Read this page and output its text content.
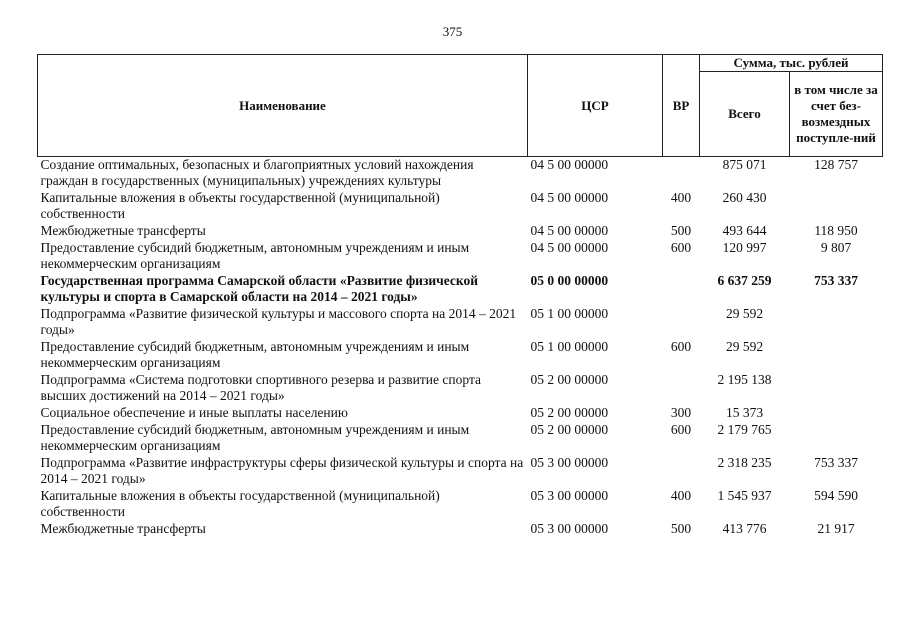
375
Наименование	ЦСР	ВР	Сумма, тыс. рублей	
			Всего	в том числе за счет без-возмездных поступле-ний
Создание оптимальных, безопасных и благоприятных условий нахождения граждан в государственных (муниципальных) учреждениях культуры	04 5 00 00000		875 071	128 757
Капитальные вложения в объекты государственной (муниципальной) собственности	04 5 00 00000	400	260 430	
Межбюджетные трансферты	04 5 00 00000	500	493 644	118 950
Предоставление субсидий бюджетным, автономным учреждениям и иным некоммерческим организациям	04 5 00 00000	600	120 997	9 807
Государственная программа Самарской области «Развитие физической культуры и спорта в Самарской области на 2014 – 2021 годы»	05 0 00 00000		6 637 259	753 337
Подпрограмма «Развитие физической культуры и массового спорта на 2014 – 2021 годы»	05 1 00 00000		29 592	
Предоставление субсидий бюджетным, автономным учреждениям и иным некоммерческим организациям	05 1 00 00000	600	29 592	
Подпрограмма «Система подготовки спортивного резерва и развитие спорта высших достижений на 2014 – 2021 годы»	05 2 00 00000		2 195 138	
Социальное обеспечение и иные выплаты населению	05 2 00 00000	300	15 373	
Предоставление субсидий бюджетным, автономным учреждениям и иным некоммерческим организациям	05 2 00 00000	600	2 179 765	
Подпрограмма «Развитие инфраструктуры сферы физической культуры и спорта на 2014 – 2021 годы»	05 3 00 00000		2 318 235	753 337
Капитальные вложения в объекты государственной (муниципальной) собственности	05 3 00 00000	400	1 545 937	594 590
Межбюджетные трансферты	05 3 00 00000	500	413 776	21 917
